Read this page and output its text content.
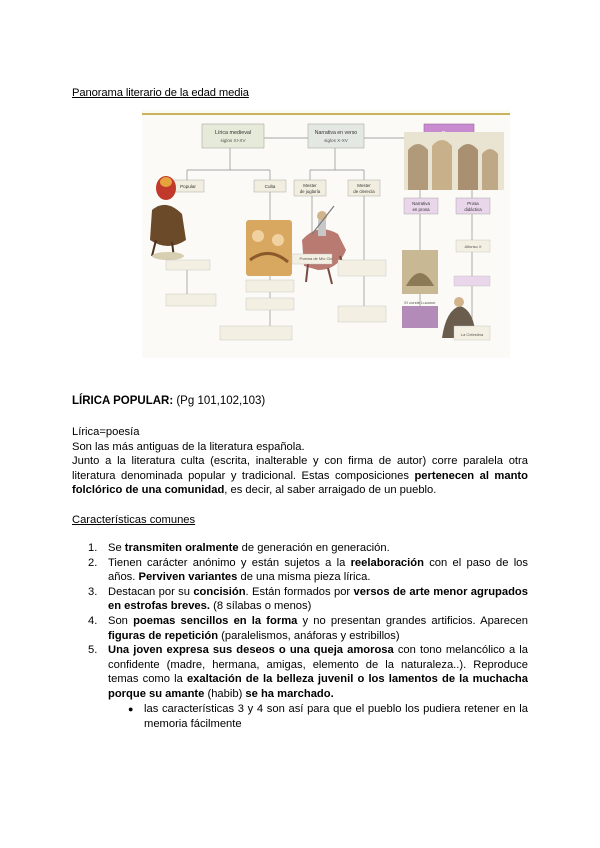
Panorama literario de la edad media
Lírica medieval
siglos XI-XV
Narrativa en verso
siglos X-XV
Popular	Culta	Mester
de juglaría
Mester
de clerecía
Narrativa
en prosa
Prosa
didáctica
Poema de Mio Cid
El conde Lucanor
Alfonso X
La Celestina
LÍRICA POPULAR: (Pg 101,102,103)
Lírica=poesía
Son las más antiguas de la literatura española.
Junto a la literatura culta (escrita, inalterable y con firma de autor) corre paralela otra literatura denominada popular y tradicional. Estas composiciones pertenecen al manto folclórico de una comunidad, es decir, al saber arraigado de un pueblo.
Características comunes
1. Se transmiten oralmente de generación en generación.
2. Tienen carácter anónimo y están sujetos a la reelaboración con el paso de los años. Perviven variantes de una misma pieza lírica.
3. Destacan por su concisión. Están formados por versos de arte menor agrupados en estrofas breves. (8 sílabas o menos)
4. Son poemas sencillos en la forma y no presentan grandes artificios. Aparecen figuras de repetición (paralelismos, anáforas y estribillos)
5. Una joven expresa sus deseos o una queja amorosa con tono melancólico a la confidente (madre, hermana, amigas, elemento de la naturaleza..). Reproduce temas como la exaltación de la belleza juvenil o los lamentos de la muchacha porque su amante (habib) se ha marchado.
● las características 3 y 4 son así para que el pueblo los pudiera retener en la memoria fácilmente
